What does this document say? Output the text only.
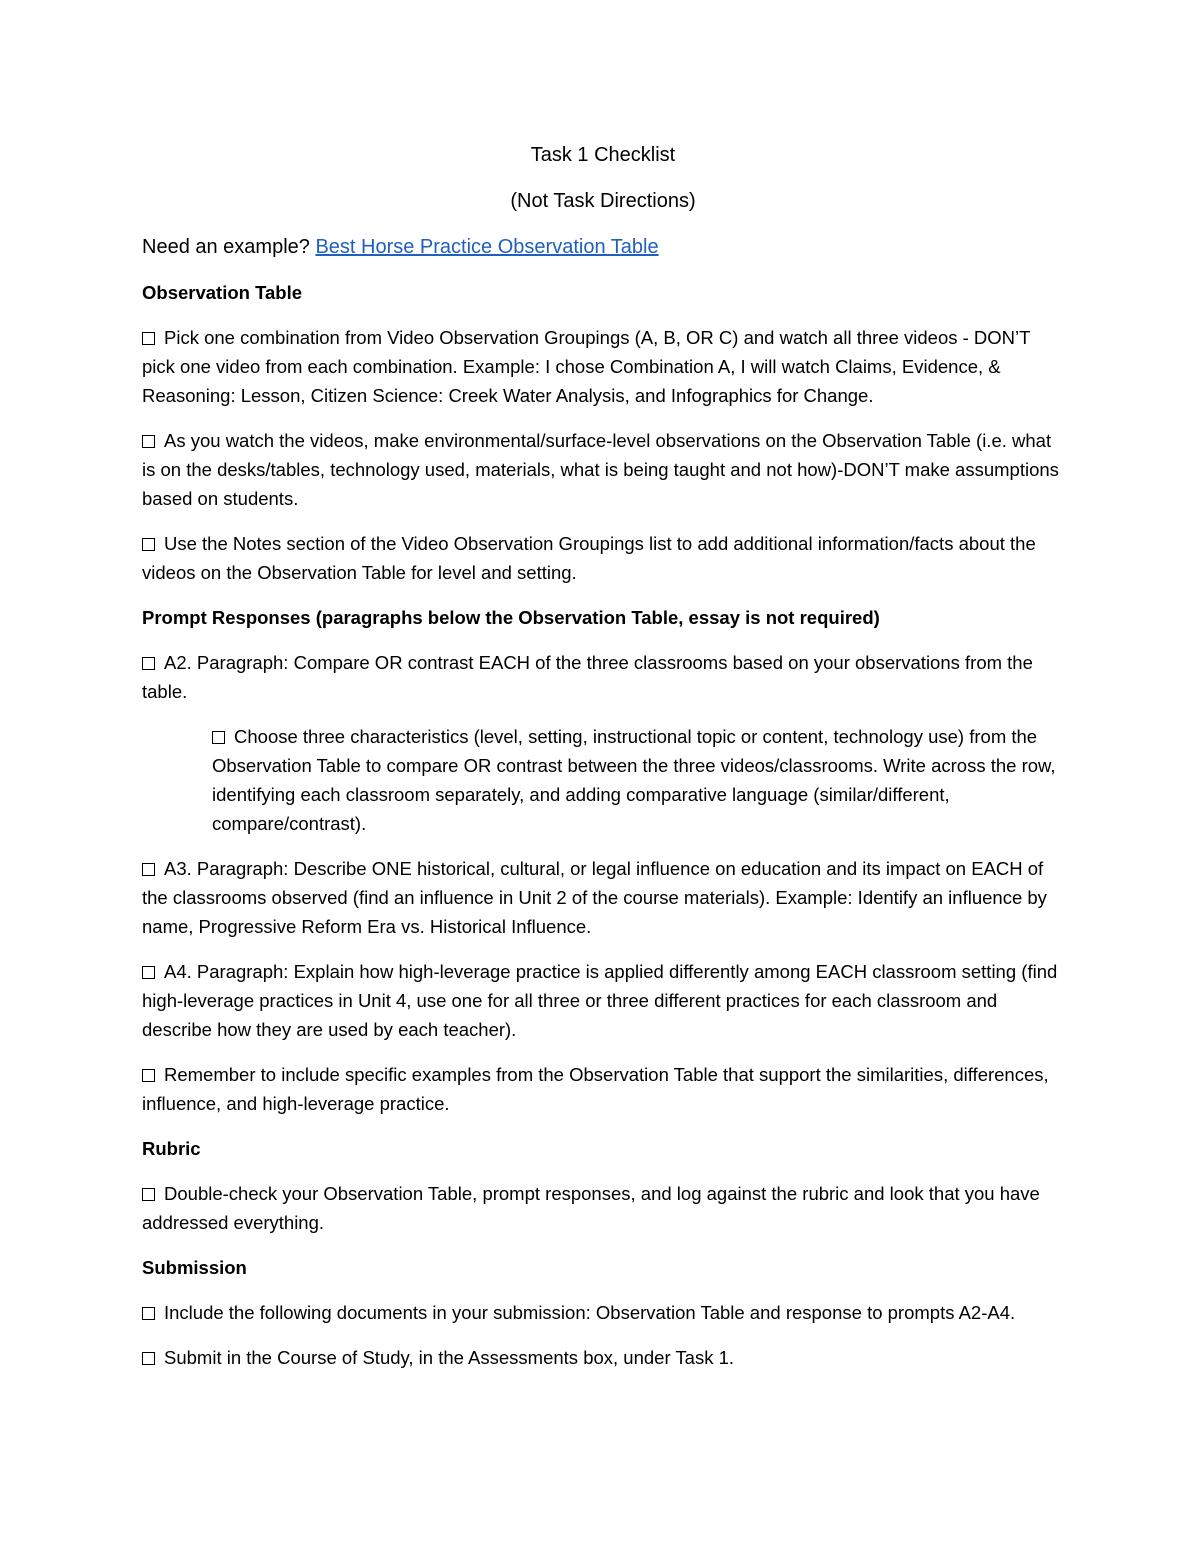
Task 1 Checklist
(Not Task Directions)
Need an example? Best Horse Practice Observation Table
Observation Table
Pick one combination from Video Observation Groupings (A, B, OR C) and watch all three videos - DON’T pick one video from each combination. Example: I chose Combination A, I will watch Claims, Evidence, & Reasoning: Lesson, Citizen Science: Creek Water Analysis, and Infographics for Change.
As you watch the videos, make environmental/surface-level observations on the Observation Table (i.e. what is on the desks/tables, technology used, materials, what is being taught and not how)-DON’T make assumptions based on students.
Use the Notes section of the Video Observation Groupings list to add additional information/facts about the videos on the Observation Table for level and setting.
Prompt Responses (paragraphs below the Observation Table, essay is not required)
A2. Paragraph: Compare OR contrast EACH of the three classrooms based on your observations from the table.
Choose three characteristics (level, setting, instructional topic or content, technology use) from the Observation Table to compare OR contrast between the three videos/classrooms. Write across the row, identifying each classroom separately, and adding comparative language (similar/different, compare/contrast).
A3. Paragraph: Describe ONE historical, cultural, or legal influence on education and its impact on EACH of the classrooms observed (find an influence in Unit 2 of the course materials). Example: Identify an influence by name, Progressive Reform Era vs. Historical Influence.
A4. Paragraph: Explain how high-leverage practice is applied differently among EACH classroom setting (find high-leverage practices in Unit 4, use one for all three or three different practices for each classroom and describe how they are used by each teacher).
Remember to include specific examples from the Observation Table that support the similarities, differences, influence, and high-leverage practice.
Rubric
Double-check your Observation Table, prompt responses, and log against the rubric and look that you have addressed everything.
Submission
Include the following documents in your submission: Observation Table and response to prompts A2-A4.
Submit in the Course of Study, in the Assessments box, under Task 1.
